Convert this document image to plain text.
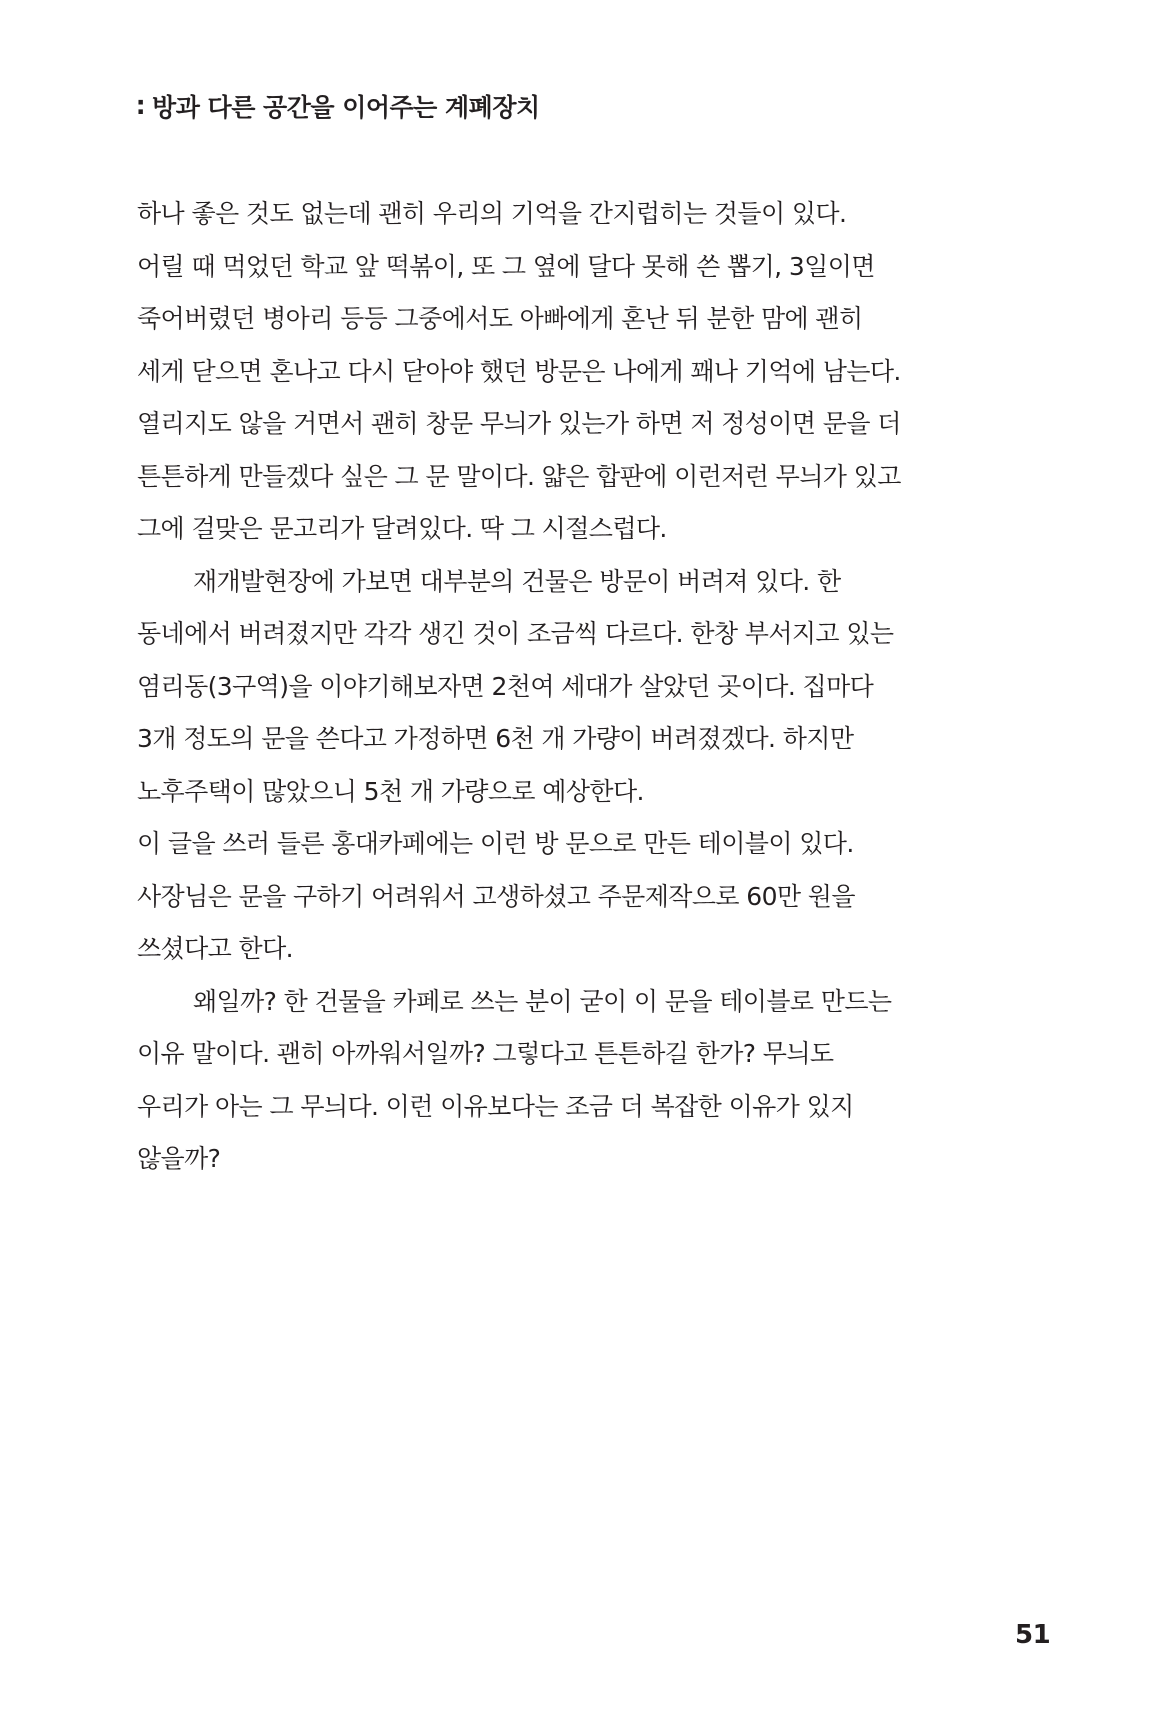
∶ 방과 다른 공간을 이어주는 계폐장치
하나 좋은 것도 없는데 괜히 우리의 기억을 간지럽히는 것들이 있다.
어릴 때 먹었던 학교 앞 떡볶이, 또 그 옆에 달다 못해 쓴 뽑기, 3일이면
죽어버렸던 병아리 등등 그중에서도 아빠에게 혼난 뒤 분한 맘에 괜히
세게 닫으면 혼나고 다시 닫아야 했던 방문은 나에게 꽤나 기억에 남는다.
열리지도 않을 거면서 괜히 창문 무늬가 있는가 하면 저 정성이면 문을 더
튼튼하게 만들겠다 싶은 그 문 말이다. 얇은 합판에 이런저런 무늬가 있고
그에 걸맞은 문고리가 달려있다. 딱 그 시절스럽다.
재개발현장에 가보면 대부분의 건물은 방문이 버려져 있다. 한
동네에서 버려졌지만 각각 생긴 것이 조금씩 다르다. 한창 부서지고 있는
염리동(3구역)을 이야기해보자면 2천여 세대가 살았던 곳이다. 집마다
3개 정도의 문을 쓴다고 가정하면 6천 개 가량이 버려졌겠다. 하지만
노후주택이 많았으니 5천 개 가량으로 예상한다.
이 글을 쓰러 들른 홍대카페에는 이런 방 문으로 만든 테이블이 있다.
사장님은 문을 구하기 어려워서 고생하셨고 주문제작으로 60만 원을
쓰셨다고 한다.
왜일까? 한 건물을 카페로 쓰는 분이 굳이 이 문을 테이블로 만드는
이유 말이다. 괜히 아까워서일까? 그렇다고 튼튼하길 한가? 무늬도
우리가 아는 그 무늬다. 이런 이유보다는 조금 더 복잡한 이유가 있지
않을까?
51
